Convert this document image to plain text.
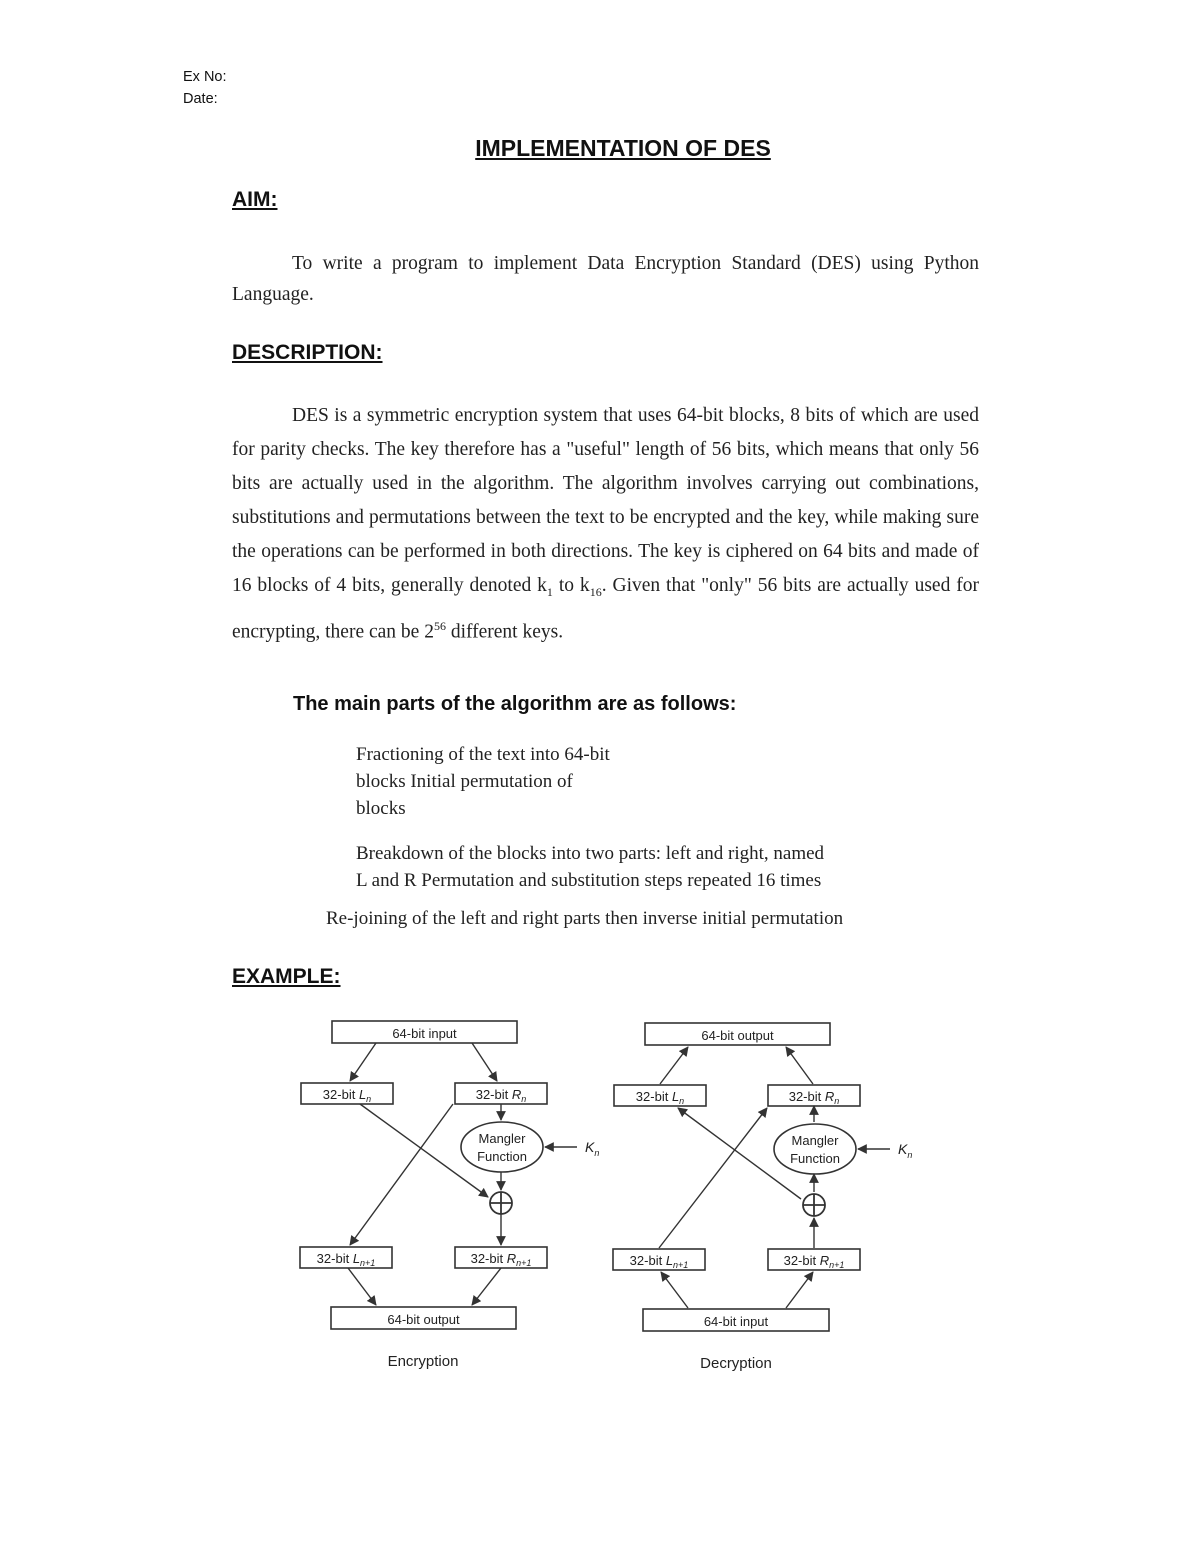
Ex No:
Date:
IMPLEMENTATION OF DES
AIM:
To write a program to implement Data Encryption Standard (DES) using Python Language.
DESCRIPTION:
DES is a symmetric encryption system that uses 64-bit blocks, 8 bits of which are used for parity checks. The key therefore has a "useful" length of 56 bits, which means that only 56 bits are actually used in the algorithm. The algorithm involves carrying out combinations, substitutions and permutations between the text to be encrypted and the key, while making sure the operations can be performed in both directions. The key is ciphered on 64 bits and made of 16 blocks of 4 bits, generally denoted $k_1$ to $k_{16}$. Given that "only" 56 bits are actually used for encrypting, there can be $2^{56}$ different keys.
The main parts of the algorithm are as follows:
Fractioning of the text into 64-bit
blocks Initial permutation of
blocks
Breakdown of the blocks into two parts: left and right, named
L and R Permutation and substitution steps repeated 16 times
Re-joining of the left and right parts then inverse initial permutation
EXAMPLE:
64-bit input
32-bit $L_n$	32-bit $R_n$
Mangler
Function
$K_n$
32-bit $L_{n+1}$	32-bit $R_{n+1}$
64-bit output
Encryption
64-bit output
32-bit $L_n$	32-bit $R_n$
Mangler
Function
$K_n$
32-bit $L_{n+1}$	32-bit $R_{n+1}$
64-bit input
Decryption
